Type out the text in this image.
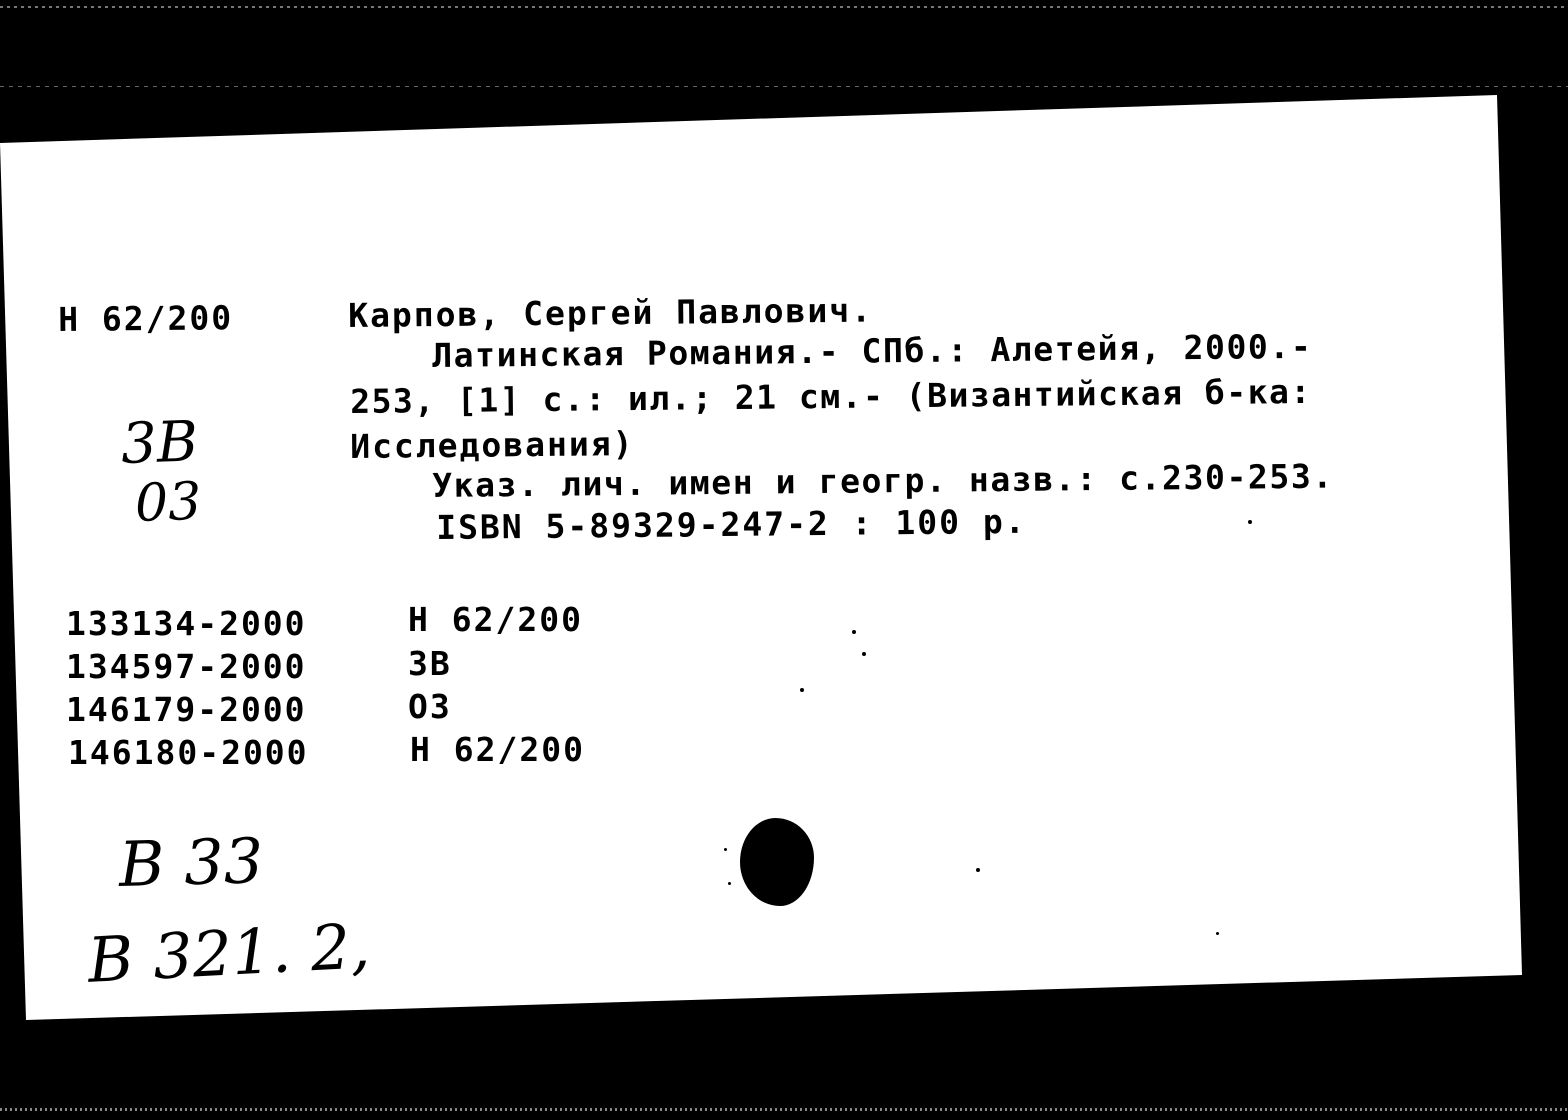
Н 62/200
3В
03
Карпов, Сергей Павлович.
Латинская Романия.- СПб.: Алетейя, 2000.-
253, [1] с.: ил.; 21 см.- (Византийская б-ка:
Исследования)
Указ. лич. имен и геогр. назв.: с.230-253.
ISBN 5-89329-247-2 : 100 р.
133134-2000	Н 62/200
134597-2000	ЗВ
146179-2000	ОЗ
146180-2000	Н 62/200
В 33
В 321. 2,
